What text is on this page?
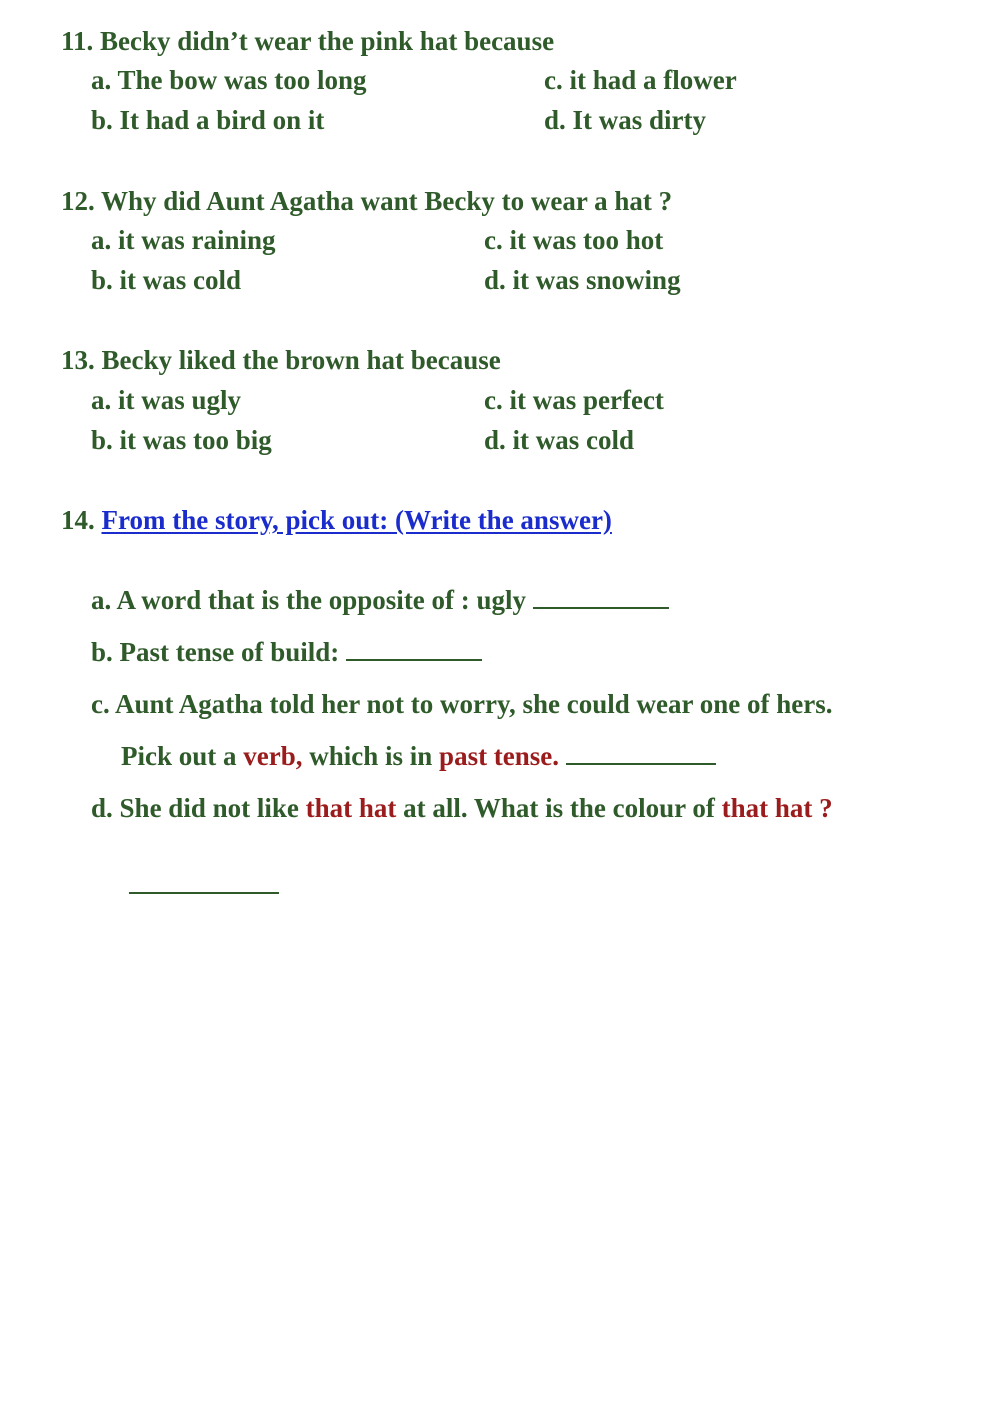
11. Becky didn’t wear the pink hat because
a. The bow was too long
b. It had a bird on it
c. it had a flower
d. It was dirty
12. Why did Aunt Agatha want Becky to wear a hat ?
a. it was raining
b. it was cold
c. it was too hot
d. it was snowing
13. Becky liked the brown hat because
a. it was ugly
b. it was too big
c. it was perfect
d. it was cold
14. From the story, pick out: (Write the answer)
a. A word that is the opposite of : ugly
b. Past tense of build:
c. Aunt Agatha told her not to worry, she could wear one of hers.
Pick out a verb, which is in past tense.
d. She did not like that hat at all. What is the colour of that hat ?
